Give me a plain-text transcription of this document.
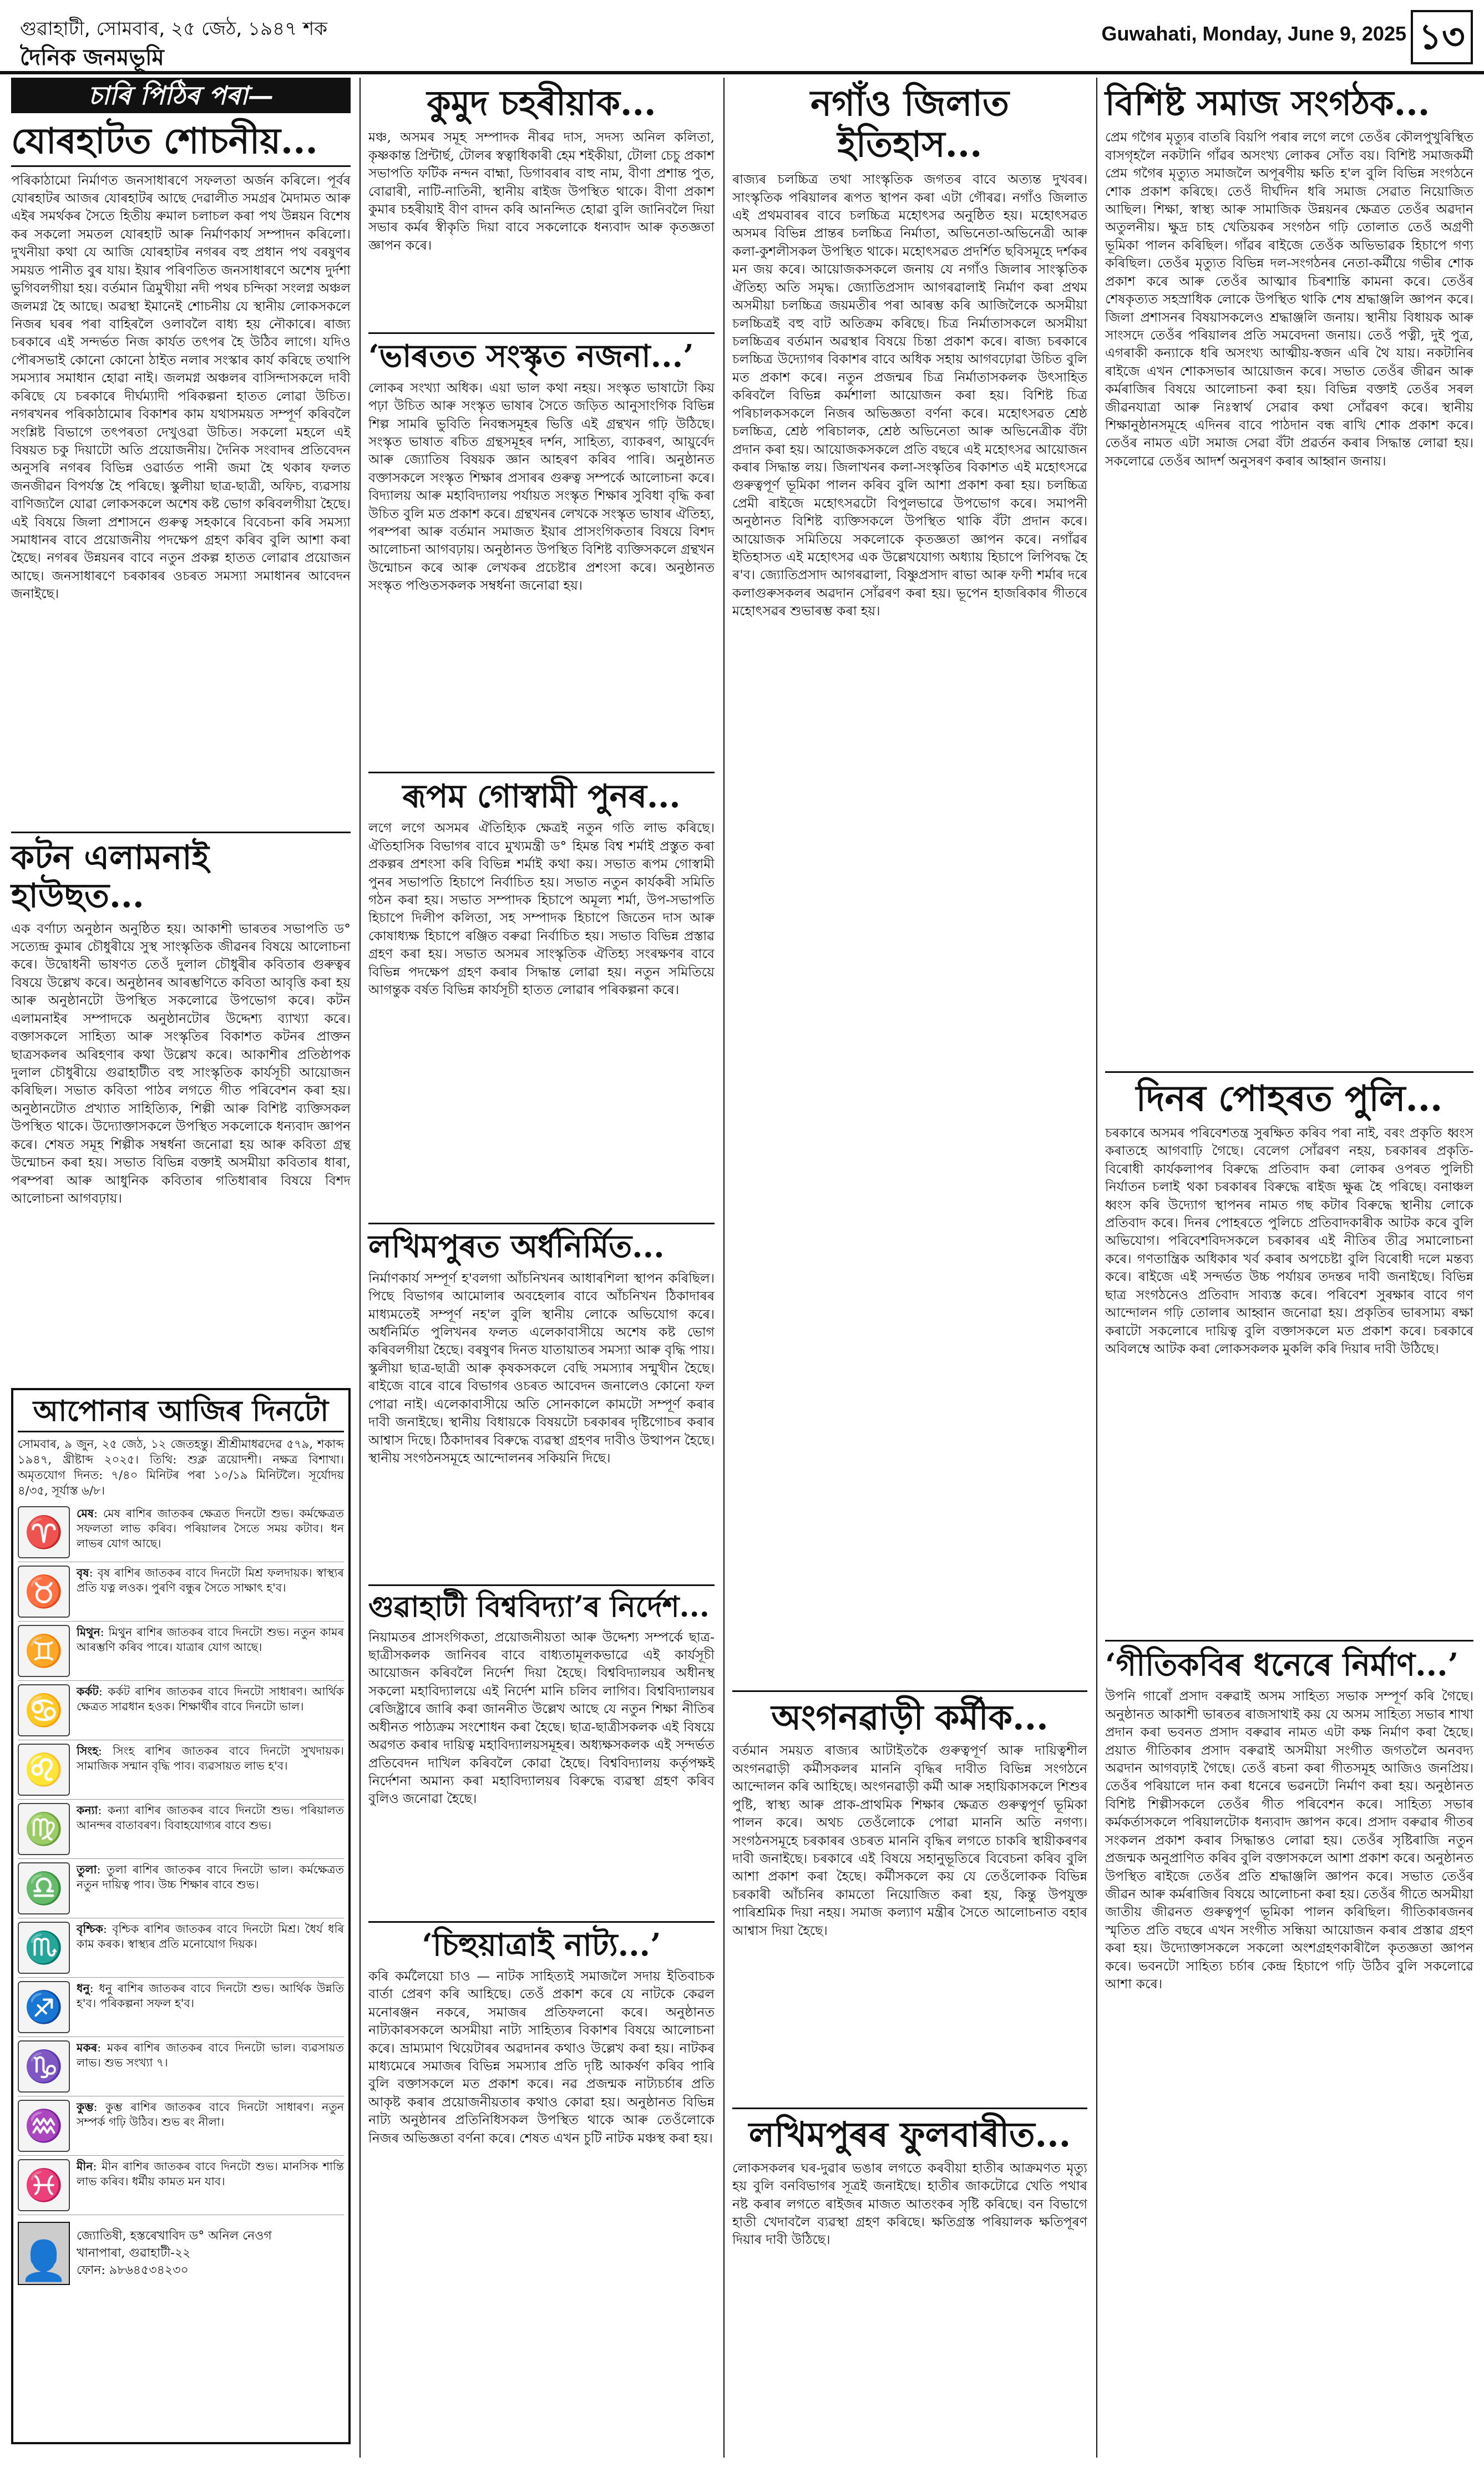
গুৱাহাটী, সোমবাৰ, ২৫ জেঠ, ১৯৪৭ শক
দৈনিক জনমভূমি
Guwahati, Monday, June 9, 2025 ১৩
চাৰি পিঠিৰ পৰা—
যোৰহাটত শোচনীয়...
পৰিকাঠামো নিৰ্মাণত জনসাধাৰণে সফলতা অৰ্জন কৰিলে। পূৰ্বৰ যোৰহাটৰ আজৰ যোৰহাটৰ আছে দেৱালীত সমগ্ৰৰ মৈদামত আৰু এইৰ সমৰ্থকৰ সৈতে হিতীয় ৰুমাল চলাচল কৰা পথ উন্নয়ন বিশেষ কৰ সকলো সমতল যোৰহাট আৰু নিৰ্মাণকাৰ্য সম্পাদন কৰিলো। দুখনীয়া কথা যে আজি যোৰহাটৰ নগৰৰ বহু প্ৰধান পথ বৰষুণৰ সময়ত পানীত বুৰ যায়। ইয়াৰ পৰিণতিত জনসাধাৰণে অশেষ দুৰ্দশা ভুগিবলগীয়া হয়। বৰ্তমান ত্ৰিমুখীয়া নদী পথৰ চন্দিকা সংলগ্ন অঞ্চল জলমগ্ন হৈ আছে। অৱস্থা ইমানেই শোচনীয় যে স্থানীয় লোকসকলে নিজৰ ঘৰৰ পৰা বাহিৰলৈ ওলাবলৈ বাধ্য হয় নৌকাৰে। ৰাজ্য চৰকাৰে এই সন্দৰ্ভত নিজ কাৰ্যত তৎপৰ হৈ উঠিব লাগে। যদিও পৌৰসভাই কোনো কোনো ঠাইত নলাৰ সংস্কাৰ কাৰ্য কৰিছে তথাপি সমস্যাৰ সমাধান হোৱা নাই। জলমগ্ন অঞ্চলৰ বাসিন্দাসকলে দাবী কৰিছে যে চৰকাৰে দীৰ্ঘম্যাদী পৰিকল্পনা হাতত লোৱা উচিত। নগৰখনৰ পৰিকাঠামোৰ বিকাশৰ কাম যথাসময়ত সম্পূৰ্ণ কৰিবলৈ সংশ্লিষ্ট বিভাগে তৎপৰতা দেখুওৱা উচিত। সকলো মহলে এই বিষয়ত চকু দিয়াটো অতি প্ৰয়োজনীয়। দৈনিক সংবাদৰ প্ৰতিবেদন অনুসৰি নগৰৰ বিভিন্ন ওৱাৰ্ডত পানী জমা হৈ থকাৰ ফলত জনজীৱন বিপৰ্যস্ত হৈ পৰিছে। স্কুলীয়া ছাত্ৰ-ছাত্ৰী, অফিচ, ব্যৱসায় বাণিজ্যলৈ যোৱা লোকসকলে অশেষ কষ্ট ভোগ কৰিবলগীয়া হৈছে। এই বিষয়ে জিলা প্ৰশাসনে গুৰুত্ব সহকাৰে বিবেচনা কৰি সমস্যা সমাধানৰ বাবে প্ৰয়োজনীয় পদক্ষেপ গ্ৰহণ কৰিব বুলি আশা কৰা হৈছে। নগৰৰ উন্নয়নৰ বাবে নতুন প্ৰকল্প হাতত লোৱাৰ প্ৰয়োজন আছে। জনসাধাৰণে চৰকাৰৰ ওচৰত সমস্যা সমাধানৰ আবেদন জনাইছে।
কটন এলামনাই হাউছত...
এক বৰ্ণাঢ্য অনুষ্ঠান অনুষ্ঠিত হয়। আকাশী ভাৰতৰ সভাপতি ড° সত্যেন্দ্ৰ কুমাৰ চৌধুৰীয়ে সুস্থ সাংস্কৃতিক জীৱনৰ বিষয়ে আলোচনা কৰে। উদ্বোধনী ভাষণত তেওঁ দুলাল চৌধুৰীৰ কবিতাৰ গুৰুত্বৰ বিষয়ে উল্লেখ কৰে। অনুষ্ঠানৰ আৰম্ভণিতে কবিতা আবৃত্তি কৰা হয় আৰু অনুষ্ঠানটো উপস্থিত সকলোৱে উপভোগ কৰে। কটন এলামনাইৰ সম্পাদকে অনুষ্ঠানটোৰ উদ্দেশ্য ব্যাখ্যা কৰে। বক্তাসকলে সাহিত্য আৰু সংস্কৃতিৰ বিকাশত কটনৰ প্ৰাক্তন ছাত্ৰসকলৰ অৰিহণাৰ কথা উল্লেখ কৰে। আকাশীৰ প্ৰতিষ্ঠাপক দুলাল চৌধুৰীয়ে গুৱাহাটীত বহু সাংস্কৃতিক কাৰ্যসূচী আয়োজন কৰিছিল। সভাত কবিতা পাঠৰ লগতে গীত পৰিবেশন কৰা হয়। অনুষ্ঠানটোত প্ৰখ্যাত সাহিত্যিক, শিল্পী আৰু বিশিষ্ট ব্যক্তিসকল উপস্থিত থাকে। উদ্যোক্তাসকলে উপস্থিত সকলোকে ধন্যবাদ জ্ঞাপন কৰে। শেষত সমূহ শিল্পীক সম্বৰ্ধনা জনোৱা হয় আৰু কবিতা গ্ৰন্থ উন্মোচন কৰা হয়। সভাত বিভিন্ন বক্তাই অসমীয়া কবিতাৰ ধাৰা, পৰম্পৰা আৰু আধুনিক কবিতাৰ গতিধাৰাৰ বিষয়ে বিশদ আলোচনা আগবঢ়ায়।
আপোনাৰ আজিৰ দিনটো
সোমবাৰ, ৯ জুন, ২৫ জেঠ, ১২ জেতহন্তু। শ্ৰীশ্ৰীমাধৱদেৱ ৫৭৯, শকাব্দ ১৯৪৭, খ্ৰীষ্টাব্দ ২০২৫। তিথি: শুক্ল ত্ৰয়োদশী। নক্ষত্ৰ বিশাখা। অমৃতযোগ দিনত: ৭/৪০ মিনিটৰ পৰা ১০/১৯ মিনিটলৈ। সূৰ্যোদয় ৪/৩৫, সূৰ্যাস্ত ৬/৮।
♈
মেষ: মেষ ৰাশিৰ জাতকৰ ক্ষেত্ৰত দিনটো শুভ। কৰ্মক্ষেত্ৰত সফলতা লাভ কৰিব। পৰিয়ালৰ সৈতে সময় কটাব। ধন লাভৰ যোগ আছে।
♉
বৃষ: বৃষ ৰাশিৰ জাতকৰ বাবে দিনটো মিশ্ৰ ফলদায়ক। স্বাস্থ্যৰ প্ৰতি যত্ন লওক। পুৰণি বন্ধুৰ সৈতে সাক্ষাৎ হ'ব।
♊
মিথুন: মিথুন ৰাশিৰ জাতকৰ বাবে দিনটো শুভ। নতুন কামৰ আৰম্ভণি কৰিব পাৰে। যাত্ৰাৰ যোগ আছে।
♋
কৰ্কট: কৰ্কট ৰাশিৰ জাতকৰ বাবে দিনটো সাধাৰণ। আৰ্থিক ক্ষেত্ৰত সাৱধান হওক। শিক্ষাৰ্থীৰ বাবে দিনটো ভাল।
♌
সিংহ: সিংহ ৰাশিৰ জাতকৰ বাবে দিনটো সুখদায়ক। সামাজিক সন্মান বৃদ্ধি পাব। ব্যৱসায়ত লাভ হ'ব।
♍
কন্যা: কন্যা ৰাশিৰ জাতকৰ বাবে দিনটো শুভ। পৰিয়ালত আনন্দৰ বাতাবৰণ। বিবাহযোগ্যৰ বাবে শুভ।
♎
তুলা: তুলা ৰাশিৰ জাতকৰ বাবে দিনটো ভাল। কৰ্মক্ষেত্ৰত নতুন দায়িত্ব পাব। উচ্চ শিক্ষাৰ বাবে শুভ।
♏
বৃশ্চিক: বৃশ্চিক ৰাশিৰ জাতকৰ বাবে দিনটো মিশ্ৰ। ধৈৰ্য ধৰি কাম কৰক। স্বাস্থ্যৰ প্ৰতি মনোযোগ দিয়ক।
♐
ধনু: ধনু ৰাশিৰ জাতকৰ বাবে দিনটো শুভ। আৰ্থিক উন্নতি হ'ব। পৰিকল্পনা সফল হ'ব।
♑
মকৰ: মকৰ ৰাশিৰ জাতকৰ বাবে দিনটো ভাল। ব্যৱসায়ত লাভ। শুভ সংখ্যা ৭।
♒
কুম্ভ: কুম্ভ ৰাশিৰ জাতকৰ বাবে দিনটো সাধাৰণ। নতুন সম্পৰ্ক গঢ়ি উঠিব। শুভ ৰং নীলা।
♓
মীন: মীন ৰাশিৰ জাতকৰ বাবে দিনটো শুভ। মানসিক শান্তি লাভ কৰিব। ধৰ্মীয় কামত মন যাব।
👤
জ্যোতিষী, হস্তৰেখাবিদ ড° অনিল নেওগ
খানাপাৰা, গুৱাহাটী-২২
ফোন: ৯৮৬৪৫৩৪২৩০
কুমুদ চহৰীয়াক...
মঞ্চ, অসমৰ সমূহ সম্পাদক নীৰৱ দাস, সদস্য অনিল কলিতা, কৃষ্ণকান্ত প্ৰিন্টাৰ্ছ, টোলৰ স্বত্বাধিকাৰী হেম শইকীয়া, টোলা চেচু প্ৰকাশ সভাপতি ফটিক নন্দন বাহ্মা, ডিগাবৰাৰ বাহু নাম, বীণা প্ৰশান্ত পুত, বোৱাৰী, নাটি-নাতিনী, স্থানীয় ৰাইজ উপস্থিত থাকে। বীণা প্ৰকাশ কুমাৰ চহৰীয়াই বীণ বাদন কৰি আনন্দিত হোৱা বুলি জানিবলৈ দিয়া সভাৰ কৰ্মৰ স্বীকৃতি দিয়া বাবে সকলোকে ধন্যবাদ আৰু কৃতজ্ঞতা জ্ঞাপন কৰে।
‘ভাৰতত সংস্কৃত নজনা...’
লোকৰ সংখ্যা অধিক। এয়া ভাল কথা নহয়। সংস্কৃত ভাষাটো কিয় পঢ়া উচিত আৰু সংস্কৃত ভাষাৰ সৈতে জড়িত আনুসাংগিক বিভিন্ন শিল্প সামৰি ভুবিতি নিবন্ধসমূহৰ ভিত্তি এই গ্ৰন্থখন গঢ়ি উঠিছে। সংস্কৃত ভাষাত ৰচিত গ্ৰন্থসমূহৰ দৰ্শন, সাহিত্য, ব্যাকৰণ, আয়ুৰ্বেদ আৰু জ্যোতিষ বিষয়ক জ্ঞান আহৰণ কৰিব পাৰি। অনুষ্ঠানত বক্তাসকলে সংস্কৃত শিক্ষাৰ প্ৰসাৰৰ গুৰুত্ব সম্পৰ্কে আলোচনা কৰে। বিদ্যালয় আৰু মহাবিদ্যালয় পৰ্যায়ত সংস্কৃত শিক্ষাৰ সুবিধা বৃদ্ধি কৰা উচিত বুলি মত প্ৰকাশ কৰে। গ্ৰন্থখনৰ লেখকে সংস্কৃত ভাষাৰ ঐতিহ্য, পৰম্পৰা আৰু বৰ্তমান সমাজত ইয়াৰ প্ৰাসংগিকতাৰ বিষয়ে বিশদ আলোচনা আগবঢ়ায়। অনুষ্ঠানত উপস্থিত বিশিষ্ট ব্যক্তিসকলে গ্ৰন্থখন উন্মোচন কৰে আৰু লেখকৰ প্ৰচেষ্টাৰ প্ৰশংসা কৰে। অনুষ্ঠানত সংস্কৃত পণ্ডিতসকলক সম্বৰ্ধনা জনোৱা হয়।
ৰূপম গোস্বামী পুনৰ...
লগে লগে অসমৰ ঐতিহ্যিক ক্ষেত্ৰই নতুন গতি লাভ কৰিছে। ঐতিহাসিক বিভাগৰ বাবে মুখ্যমন্ত্ৰী ড° হিমন্ত বিশ্ব শৰ্মাই প্ৰস্তুত কৰা প্ৰকল্পৰ প্ৰশংসা কৰি বিভিন্ন শৰ্মাই কথা কয়। সভাত ৰূপম গোস্বামী পুনৰ সভাপতি হিচাপে নিৰ্বাচিত হয়। সভাত নতুন কাৰ্যকৰী সমিতি গঠন কৰা হয়। সভাত সম্পাদক হিচাপে অমূল্য শৰ্মা, উপ-সভাপতি হিচাপে দিলীপ কলিতা, সহ সম্পাদক হিচাপে জিতেন দাস আৰু কোষাধ্যক্ষ হিচাপে ৰঞ্জিত বৰুৱা নিৰ্বাচিত হয়। সভাত বিভিন্ন প্ৰস্তাৱ গ্ৰহণ কৰা হয়। সভাত অসমৰ সাংস্কৃতিক ঐতিহ্য সংৰক্ষণৰ বাবে বিভিন্ন পদক্ষেপ গ্ৰহণ কৰাৰ সিদ্ধান্ত লোৱা হয়। নতুন সমিতিয়ে আগন্তুক বৰ্ষত বিভিন্ন কাৰ্যসূচী হাতত লোৱাৰ পৰিকল্পনা কৰে।
লখিমপুৰত অৰ্ধনিৰ্মিত...
নিৰ্মাণকাৰ্য সম্পূৰ্ণ হ'বলগা আঁচনিখনৰ আধাৰশিলা স্থাপন কৰিছিল। পিছে বিভাগৰ আমোলাৰ অবহেলাৰ বাবে আঁচনিখন ঠিকাদাৰৰ মাধ্যমতেই সম্পূৰ্ণ নহ'ল বুলি স্থানীয় লোকে অভিযোগ কৰে। অৰ্ধনিৰ্মিত পুলিখনৰ ফলত এলেকাবাসীয়ে অশেষ কষ্ট ভোগ কৰিবলগীয়া হৈছে। বৰষুণৰ দিনত যাতায়াতৰ সমস্যা আৰু বৃদ্ধি পায়। স্কুলীয়া ছাত্ৰ-ছাত্ৰী আৰু কৃষকসকলে বেছি সমস্যাৰ সন্মুখীন হৈছে। ৰাইজে বাৰে বাৰে বিভাগৰ ওচৰত আবেদন জনালেও কোনো ফল পোৱা নাই। এলেকাবাসীয়ে অতি সোনকালে কামটো সম্পূৰ্ণ কৰাৰ দাবী জনাইছে। স্থানীয় বিধায়কে বিষয়টো চৰকাৰৰ দৃষ্টিগোচৰ কৰাৰ আশ্বাস দিছে। ঠিকাদাৰৰ বিৰুদ্ধে ব্যৱস্থা গ্ৰহণৰ দাবীও উত্থাপন হৈছে। স্থানীয় সংগঠনসমূহে আন্দোলনৰ সকিয়নি দিছে।
গুৱাহাটী বিশ্ববিদ্যা’ৰ নিৰ্দেশ...
নিয়ামতৰ প্ৰাসংগিকতা, প্ৰয়োজনীয়তা আৰু উদ্দেশ্য সম্পৰ্কে ছাত্ৰ-ছাত্ৰীসকলক জানিবৰ বাবে বাধ্যতামূলকভাৱে এই কাৰ্যসূচী আয়োজন কৰিবলৈ নিৰ্দেশ দিয়া হৈছে। বিশ্ববিদ্যালয়ৰ অধীনস্থ সকলো মহাবিদ্যালয়ে এই নিৰ্দেশ মানি চলিব লাগিব। বিশ্ববিদ্যালয়ৰ ৰেজিষ্ট্ৰাৰে জাৰি কৰা জাননীত উল্লেখ আছে যে নতুন শিক্ষা নীতিৰ অধীনত পাঠ্যক্ৰম সংশোধন কৰা হৈছে। ছাত্ৰ-ছাত্ৰীসকলক এই বিষয়ে অৱগত কৰাৰ দায়িত্ব মহাবিদ্যালয়সমূহৰ। অধ্যক্ষসকলক এই সন্দৰ্ভত প্ৰতিবেদন দাখিল কৰিবলৈ কোৱা হৈছে। বিশ্ববিদ্যালয় কৰ্তৃপক্ষই নিৰ্দেশনা অমান্য কৰা মহাবিদ্যালয়ৰ বিৰুদ্ধে ব্যৱস্থা গ্ৰহণ কৰিব বুলিও জনোৱা হৈছে।
‘চিহুয়াত্ৰাই নাট্য...’
কৰি কৰ্মলৈয়ো চাও — নাটক সাহিত্যই সমাজলৈ সদায় ইতিবাচক বাৰ্তা প্ৰেৰণ কৰি আহিছে। তেওঁ প্ৰকাশ কৰে যে নাটকে কেৱল মনোৰঞ্জন নকৰে, সমাজৰ প্ৰতিফলনো কৰে। অনুষ্ঠানত নাট্যকাৰসকলে অসমীয়া নাট্য সাহিত্যৰ বিকাশৰ বিষয়ে আলোচনা কৰে। ভ্ৰাম্যমাণ থিয়েটাৰৰ অৱদানৰ কথাও উল্লেখ কৰা হয়। নাটকৰ মাধ্যমেৰে সমাজৰ বিভিন্ন সমস্যাৰ প্ৰতি দৃষ্টি আকৰ্ষণ কৰিব পাৰি বুলি বক্তাসকলে মত প্ৰকাশ কৰে। নৱ প্ৰজন্মক নাট্যচৰ্চাৰ প্ৰতি আকৃষ্ট কৰাৰ প্ৰয়োজনীয়তাৰ কথাও কোৱা হয়। অনুষ্ঠানত বিভিন্ন নাট্য অনুষ্ঠানৰ প্ৰতিনিধিসকল উপস্থিত থাকে আৰু তেওঁলোকে নিজৰ অভিজ্ঞতা বৰ্ণনা কৰে। শেষত এখন চুটি নাটক মঞ্চস্থ কৰা হয়।
নগাঁও জিলাত ইতিহাস...
ৰাজ্যৰ চলচ্চিত্ৰ তথা সাংস্কৃতিক জগতৰ বাবে অত্যন্ত দুখবৰ। সাংস্কৃতিক পৰিয়ালৰ ৰূপত স্থাপন কৰা এটা গৌৰৱ। নগাঁও জিলাত এই প্ৰথমবাৰৰ বাবে চলচ্চিত্ৰ মহোৎসৱ অনুষ্ঠিত হয়। মহোৎসৱত অসমৰ বিভিন্ন প্ৰান্তৰ চলচ্চিত্ৰ নিৰ্মাতা, অভিনেতা-অভিনেত্ৰী আৰু কলা-কুশলীসকল উপস্থিত থাকে। মহোৎসৱত প্ৰদৰ্শিত ছবিসমূহে দৰ্শকৰ মন জয় কৰে। আয়োজকসকলে জনায় যে নগাঁও জিলাৰ সাংস্কৃতিক ঐতিহ্য অতি সমৃদ্ধ। জ্যোতিপ্ৰসাদ আগৰৱালাই নিৰ্মাণ কৰা প্ৰথম অসমীয়া চলচ্চিত্ৰ জয়মতীৰ পৰা আৰম্ভ কৰি আজিলৈকে অসমীয়া চলচ্চিত্ৰই বহু বাট অতিক্ৰম কৰিছে। চিত্ৰ নিৰ্মাতাসকলে অসমীয়া চলচ্চিত্ৰৰ বৰ্তমান অৱস্থাৰ বিষয়ে চিন্তা প্ৰকাশ কৰে। ৰাজ্য চৰকাৰে চলচ্চিত্ৰ উদ্যোগৰ বিকাশৰ বাবে অধিক সহায় আগবঢ়োৱা উচিত বুলি মত প্ৰকাশ কৰে। নতুন প্ৰজন্মৰ চিত্ৰ নিৰ্মাতাসকলক উৎসাহিত কৰিবলৈ বিভিন্ন কৰ্মশালা আয়োজন কৰা হয়। বিশিষ্ট চিত্ৰ পৰিচালকসকলে নিজৰ অভিজ্ঞতা বৰ্ণনা কৰে। মহোৎসৱত শ্ৰেষ্ঠ চলচ্চিত্ৰ, শ্ৰেষ্ঠ পৰিচালক, শ্ৰেষ্ঠ অভিনেতা আৰু অভিনেত্ৰীক বঁটা প্ৰদান কৰা হয়। আয়োজকসকলে প্ৰতি বছৰে এই মহোৎসৱ আয়োজন কৰাৰ সিদ্ধান্ত লয়। জিলাখনৰ কলা-সংস্কৃতিৰ বিকাশত এই মহোৎসৱে গুৰুত্বপূৰ্ণ ভূমিকা পালন কৰিব বুলি আশা প্ৰকাশ কৰা হয়। চলচ্চিত্ৰ প্ৰেমী ৰাইজে মহোৎসৱটো বিপুলভাৱে উপভোগ কৰে। সমাপনী অনুষ্ঠানত বিশিষ্ট ব্যক্তিসকলে উপস্থিত থাকি বঁটা প্ৰদান কৰে। আয়োজক সমিতিয়ে সকলোকে কৃতজ্ঞতা জ্ঞাপন কৰে। নগাঁৱৰ ইতিহাসত এই মহোৎসৱ এক উল্লেখযোগ্য অধ্যায় হিচাপে লিপিবদ্ধ হৈ ৰ'ব। জ্যোতিপ্ৰসাদ আগৰৱালা, বিষ্ণুপ্ৰসাদ ৰাভা আৰু ফণী শৰ্মাৰ দৰে কলাগুৰুসকলৰ অৱদান সোঁৱৰণ কৰা হয়। ভূপেন হাজৰিকাৰ গীতৰে মহোৎসৱৰ শুভাৰম্ভ কৰা হয়।
অংগনৱাড়ী কৰ্মীক...
বৰ্তমান সময়ত ৰাজ্যৰ আটাইতকৈ গুৰুত্বপূৰ্ণ আৰু দায়িত্বশীল অংগনৱাড়ী কৰ্মীসকলৰ মাননি বৃদ্ধিৰ দাবীত বিভিন্ন সংগঠনে আন্দোলন কৰি আহিছে। অংগনৱাড়ী কৰ্মী আৰু সহায়িকাসকলে শিশুৰ পুষ্টি, স্বাস্থ্য আৰু প্ৰাক-প্ৰাথমিক শিক্ষাৰ ক্ষেত্ৰত গুৰুত্বপূৰ্ণ ভূমিকা পালন কৰে। অথচ তেওঁলোকে পোৱা মাননি অতি নগণ্য। সংগঠনসমূহে চৰকাৰৰ ওচৰত মাননি বৃদ্ধিৰ লগতে চাকৰি স্থায়ীকৰণৰ দাবী জনাইছে। চৰকাৰে এই বিষয়ে সহানুভূতিৰে বিবেচনা কৰিব বুলি আশা প্ৰকাশ কৰা হৈছে। কৰ্মীসকলে কয় যে তেওঁলোকক বিভিন্ন চৰকাৰী আঁচনিৰ কামতো নিয়োজিত কৰা হয়, কিন্তু উপযুক্ত পাৰিশ্ৰমিক দিয়া নহয়। সমাজ কল্যাণ মন্ত্ৰীৰ সৈতে আলোচনাত বহাৰ আশ্বাস দিয়া হৈছে।
লখিমপুৰৰ ফুলবাৰীত...
লোকসকলৰ ঘৰ-দুৱাৰ ভঙাৰ লগতে কৰবীয়া হাতীৰ আক্ৰমণত মৃত্যু হয় বুলি বনবিভাগৰ সূত্ৰই জনাইছে। হাতীৰ জাকটোৱে খেতি পথাৰ নষ্ট কৰাৰ লগতে ৰাইজৰ মাজত আতংকৰ সৃষ্টি কৰিছে। বন বিভাগে হাতী খেদাবলৈ ব্যৱস্থা গ্ৰহণ কৰিছে। ক্ষতিগ্ৰস্ত পৰিয়ালক ক্ষতিপূৰণ দিয়াৰ দাবী উঠিছে।
বিশিষ্ট সমাজ সংগঠক...
প্ৰেম গগৈৰ মৃত্যুৰ বাতৰি বিয়পি পৰাৰ লগে লগে তেওঁৰ কৌলপুখুৰিস্থিত বাসগৃহলৈ নকটানি গাঁৱৰ অসংখ্য লোকৰ সোঁত বয়। বিশিষ্ট সমাজকৰ্মী প্ৰেম গগৈৰ মৃত্যুত সমাজলৈ অপূৰণীয় ক্ষতি হ'ল বুলি বিভিন্ন সংগঠনে শোক প্ৰকাশ কৰিছে। তেওঁ দীৰ্ঘদিন ধৰি সমাজ সেৱাত নিয়োজিত আছিল। শিক্ষা, স্বাস্থ্য আৰু সামাজিক উন্নয়নৰ ক্ষেত্ৰত তেওঁৰ অৱদান অতুলনীয়। ক্ষুদ্ৰ চাহ খেতিয়কৰ সংগঠন গঢ়ি তোলাত তেওঁ অগ্ৰণী ভূমিকা পালন কৰিছিল। গাঁৱৰ ৰাইজে তেওঁক অভিভাৱক হিচাপে গণ্য কৰিছিল। তেওঁৰ মৃত্যুত বিভিন্ন দল-সংগঠনৰ নেতা-কৰ্মীয়ে গভীৰ শোক প্ৰকাশ কৰে আৰু তেওঁৰ আত্মাৰ চিৰশান্তি কামনা কৰে। তেওঁৰ শেষকৃত্যত সহস্ৰাধিক লোকে উপস্থিত থাকি শেষ শ্ৰদ্ধাঞ্জলি জ্ঞাপন কৰে। জিলা প্ৰশাসনৰ বিষয়াসকলেও শ্ৰদ্ধাঞ্জলি জনায়। স্থানীয় বিধায়ক আৰু সাংসদে তেওঁৰ পৰিয়ালৰ প্ৰতি সমবেদনা জনায়। তেওঁ পত্নী, দুই পুত্ৰ, এগৰাকী কন্যাকে ধৰি অসংখ্য আত্মীয়-স্বজন এৰি থৈ যায়। নকটানিৰ ৰাইজে এখন শোকসভাৰ আয়োজন কৰে। সভাত তেওঁৰ জীৱন আৰু কৰ্মৰাজিৰ বিষয়ে আলোচনা কৰা হয়। বিভিন্ন বক্তাই তেওঁৰ সৰল জীৱনযাত্ৰা আৰু নিঃস্বাৰ্থ সেৱাৰ কথা সোঁৱৰণ কৰে। স্থানীয় শিক্ষানুষ্ঠানসমূহে এদিনৰ বাবে পাঠদান বন্ধ ৰাখি শোক প্ৰকাশ কৰে। তেওঁৰ নামত এটা সমাজ সেৱা বঁটা প্ৰৱৰ্তন কৰাৰ সিদ্ধান্ত লোৱা হয়। সকলোৱে তেওঁৰ আদৰ্শ অনুসৰণ কৰাৰ আহ্বান জনায়।
দিনৰ পোহৰত পুলি...
চৰকাৰে অসমৰ পৰিবেশতন্ত্ৰ সুৰক্ষিত কৰিব পৰা নাই, বৰং প্ৰকৃতি ধ্বংস কৰাতহে আগবাঢ়ি গৈছে। বেলেগ সোঁৱৰণ নহয়, চৰকাৰৰ প্ৰকৃতি-বিৰোধী কাৰ্যকলাপৰ বিৰুদ্ধে প্ৰতিবাদ কৰা লোকৰ ওপৰত পুলিচী নিৰ্যাতন চলাই থকা চৰকাৰৰ বিৰুদ্ধে ৰাইজ ক্ষুব্ধ হৈ পৰিছে। বনাঞ্চল ধ্বংস কৰি উদ্যোগ স্থাপনৰ নামত গছ কটাৰ বিৰুদ্ধে স্থানীয় লোকে প্ৰতিবাদ কৰে। দিনৰ পোহৰতে পুলিচে প্ৰতিবাদকাৰীক আটক কৰে বুলি অভিযোগ। পৰিবেশবিদসকলে চৰকাৰৰ এই নীতিৰ তীব্ৰ সমালোচনা কৰে। গণতান্ত্ৰিক অধিকাৰ খৰ্ব কৰাৰ অপচেষ্টা বুলি বিৰোধী দলে মন্তব্য কৰে। ৰাইজে এই সন্দৰ্ভত উচ্চ পৰ্যায়ৰ তদন্তৰ দাবী জনাইছে। বিভিন্ন ছাত্ৰ সংগঠনেও প্ৰতিবাদ সাব্যস্ত কৰে। পৰিবেশ সুৰক্ষাৰ বাবে গণ আন্দোলন গঢ়ি তোলাৰ আহ্বান জনোৱা হয়। প্ৰকৃতিৰ ভাৰসাম্য ৰক্ষা কৰাটো সকলোৰে দায়িত্ব বুলি বক্তাসকলে মত প্ৰকাশ কৰে। চৰকাৰে অবিলম্বে আটক কৰা লোকসকলক মুকলি কৰি দিয়াৰ দাবী উঠিছে।
‘গীতিকবিৰ ধনেৰে নিৰ্মাণ...’
উপনি গাৰোঁ প্ৰসাদ বৰুৱাই অসম সাহিত্য সভাক সম্পূৰ্ণ কৰি গৈছে। অনুষ্ঠানত আকাশী ভাৰতৰ ৰাজসাথাই কয় যে অসম সাহিত্য সভাৰ শাখা প্ৰদান কৰা ভবনত প্ৰসাদ বৰুৱাৰ নামত এটা কক্ষ নিৰ্মাণ কৰা হৈছে। প্ৰয়াত গীতিকাৰ প্ৰসাদ বৰুৱাই অসমীয়া সংগীত জগতলৈ অনবদ্য অৱদান আগবঢ়াই গৈছে। তেওঁ ৰচনা কৰা গীতসমূহ আজিও জনপ্ৰিয়। তেওঁৰ পৰিয়ালে দান কৰা ধনেৰে ভৱনটো নিৰ্মাণ কৰা হয়। অনুষ্ঠানত বিশিষ্ট শিল্পীসকলে তেওঁৰ গীত পৰিবেশন কৰে। সাহিত্য সভাৰ কৰ্মকৰ্তাসকলে পৰিয়ালটোক ধন্যবাদ জ্ঞাপন কৰে। প্ৰসাদ বৰুৱাৰ গীতৰ সংকলন প্ৰকাশ কৰাৰ সিদ্ধান্তও লোৱা হয়। তেওঁৰ সৃষ্টিৰাজি নতুন প্ৰজন্মক অনুপ্ৰাণিত কৰিব বুলি বক্তাসকলে আশা প্ৰকাশ কৰে। অনুষ্ঠানত উপস্থিত ৰাইজে তেওঁৰ প্ৰতি শ্ৰদ্ধাঞ্জলি জ্ঞাপন কৰে। সভাত তেওঁৰ জীৱন আৰু কৰ্মৰাজিৰ বিষয়ে আলোচনা কৰা হয়। তেওঁৰ গীতে অসমীয়া জাতীয় জীৱনত গুৰুত্বপূৰ্ণ ভূমিকা পালন কৰিছিল। গীতিকাৰজনৰ স্মৃতিত প্ৰতি বছৰে এখন সংগীত সন্ধিয়া আয়োজন কৰাৰ প্ৰস্তাৱ গ্ৰহণ কৰা হয়। উদ্যোক্তাসকলে সকলো অংশগ্ৰহণকাৰীলৈ কৃতজ্ঞতা জ্ঞাপন কৰে। ভবনটো সাহিত্য চৰ্চাৰ কেন্দ্ৰ হিচাপে গঢ়ি উঠিব বুলি সকলোৱে আশা কৰে।
